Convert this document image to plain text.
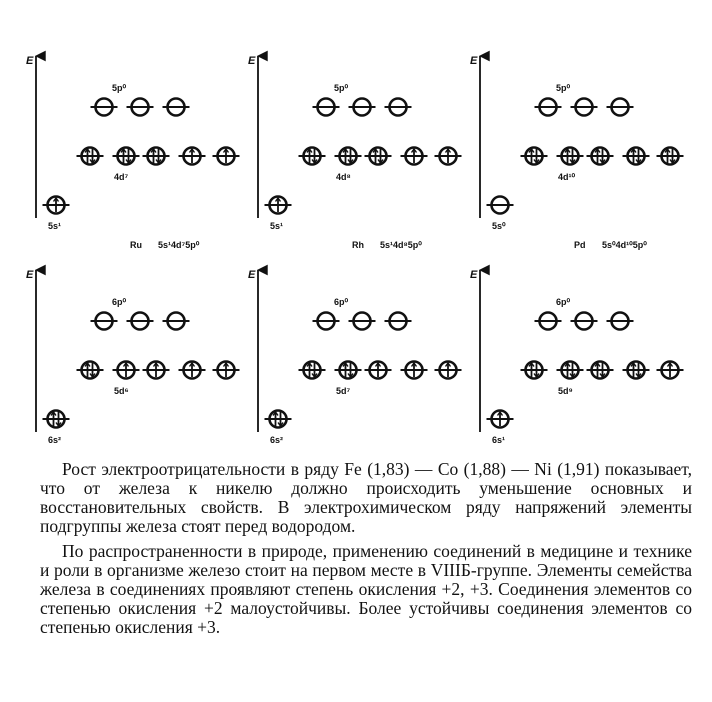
E
5p⁰
4d⁷
5s¹
Ru 5s¹4d⁷5p⁰
E
5p⁰
4d⁸
5s¹
Rh 5s¹4d⁸5p⁰
E
5p⁰
4d¹⁰
5s⁰
Pd 5s⁰4d¹⁰5p⁰
E
6p⁰
5d⁶
6s²
E
6p⁰
5d⁷
6s²
E
6p⁰
5d⁹
6s¹

Рост электроотрицательности в ряду Fe (1,83) — Co (1,88) — Ni (1,91) показывает, что от железа к никелю должно происходить уменьшение основных и восстановительных свойств. В электрохимическом ряду напряжений элементы подгруппы железа стоят перед водородом.

По распространенности в природе, применению соединений в медицине и технике и роли в организме железо стоит на первом месте в VIIIБ-группе. Элементы семейства железа в соединениях проявляют степень окисления +2, +3. Соединения элементов со степенью окисления +2 малоустойчивы. Более устойчивы соединения элементов со степенью окисления +3.
